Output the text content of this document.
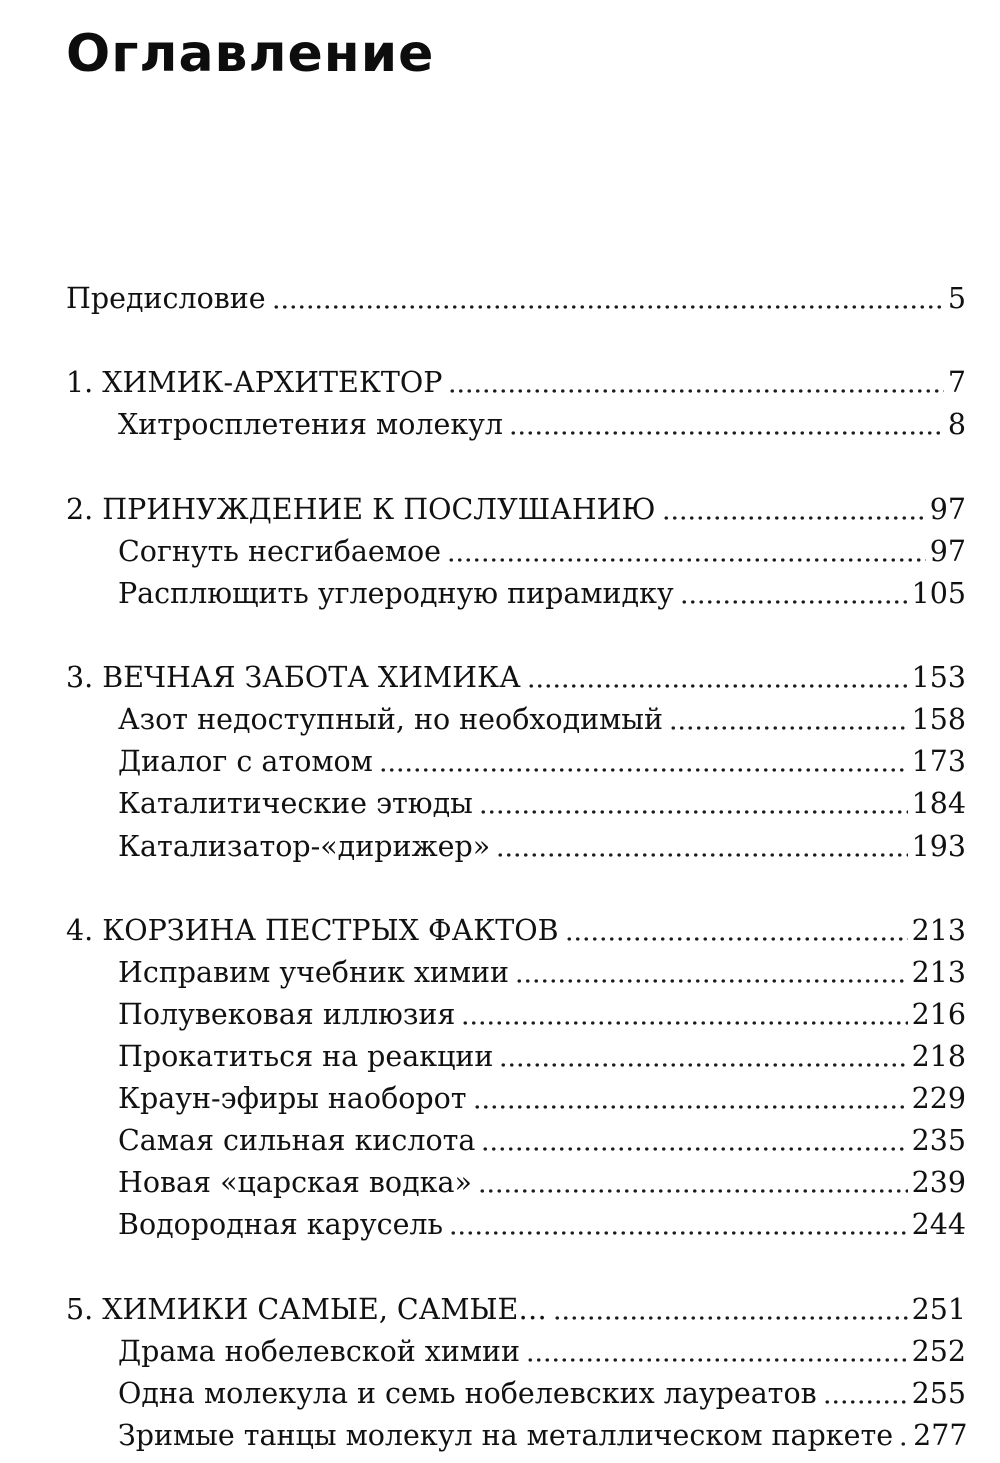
Оглавление
Предисловие	5
1. ХИМИК-АРХИТЕКТОР	7
Хитросплетения молекул	8
2. ПРИНУЖДЕНИЕ К ПОСЛУШАНИЮ	97
Согнуть несгибаемое	97
Расплющить углеродную пирамидку	105
3. ВЕЧНАЯ ЗАБОТА ХИМИКА	153
Азот недоступный, но необходимый	158
Диалог с атомом	173
Каталитические этюды	184
Катализатор-«дирижер»	193
4. КОРЗИНА ПЕСТРЫХ ФАКТОВ	213
Исправим учебник химии	213
Полувековая иллюзия	216
Прокатиться на реакции	218
Краун-эфиры наоборот	229
Самая сильная кислота	235
Новая «царская водка»	239
Водородная карусель	244
5. ХИМИКИ САМЫЕ, САМЫЕ…	251
Драма нобелевской химии	252
Одна молекула и семь нобелевских лауреатов	255
Зримые танцы молекул на металлическом паркете 277
